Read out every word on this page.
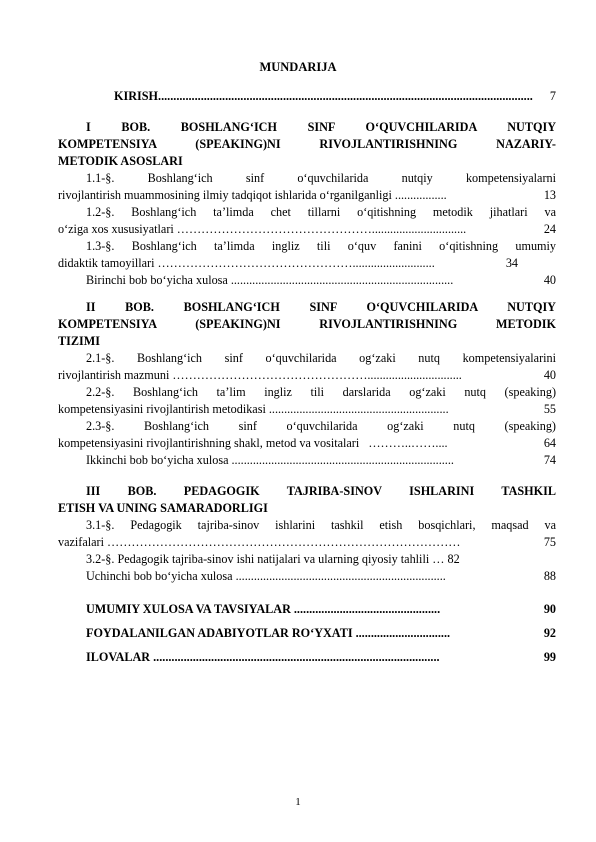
MUNDARIJA
KIRISH ...........................................................................................................................	7
I BOB. BOSHLANG‘ICH SINF O‘QUVCHILARIDA NUTQIY
KOMPETENSIYA (SPEAKING)NI RIVOJLANTIRISHNING NAZARIY-
METODIK ASOSLARI
1.1-§. Boshlang‘ich sinf o‘quvchilarida nutqiy kompetensiyalarni
rivojlantirish muammosining ilmiy tadqiqot ishlarida o‘rganilganligi .................	13
1.2-§. Boshlang‘ich ta’limda chet tillarni o‘qitishning metodik jihatlari va
o‘ziga xos xususiyatlari …………………………………………...............................	24
1.3-§. Boshlang‘ich ta’limda ingliz tili o‘quv fanini o‘qitishning umumiy
didaktik tamoyillari …………………………………………...........................	34
Birinchi bob bo‘yicha xulosa .........................................................................	40
II BOB. BOSHLANG‘ICH SINF O‘QUVCHILARIDA NUTQIY
KOMPETENSIYA (SPEAKING)NI RIVOJLANTIRISHNING METODIK
TIZIMI
2.1-§. Boshlang‘ich sinf o‘quvchilarida og‘zaki nutq kompetensiyalarini
rivojlantirish mazmuni …………………………………………...............................	40
2.2-§. Boshlang‘ich ta’lim ingliz tili darslarida og‘zaki nutq (speaking)
kompetensiyasini rivojlantirish metodikasi ...........................................................	55
2.3-§. Boshlang‘ich sinf o‘quvchilarida og‘zaki nutq (speaking)
kompetensiyasini rivojlantirishning shakl, metod va vositalari ………..……....	64
Ikkinchi bob bo‘yicha xulosa .........................................................................	74
III BOB. PEDAGOGIK TAJRIBA-SINOV ISHLARINI TASHKIL
ETISH VA UNING SAMARADORLIGI
3.1-§. Pedagogik tajriba-sinov ishlarini tashkil etish bosqichlari, maqsad va
vazifalari ……………………………………………………………………………	75
3.2-§. Pedagogik tajriba-sinov ishi natijalari va ularning qiyosiy tahlili … 82
Uchinchi bob bo‘yicha xulosa .....................................................................	88
UMUMIY XULOSA VA TAVSIYALAR ................................................	90
FOYDALANILGAN ADABIYOTLAR RO‘YXATI ...............................	92
ILOVALAR ..............................................................................................	99
1
